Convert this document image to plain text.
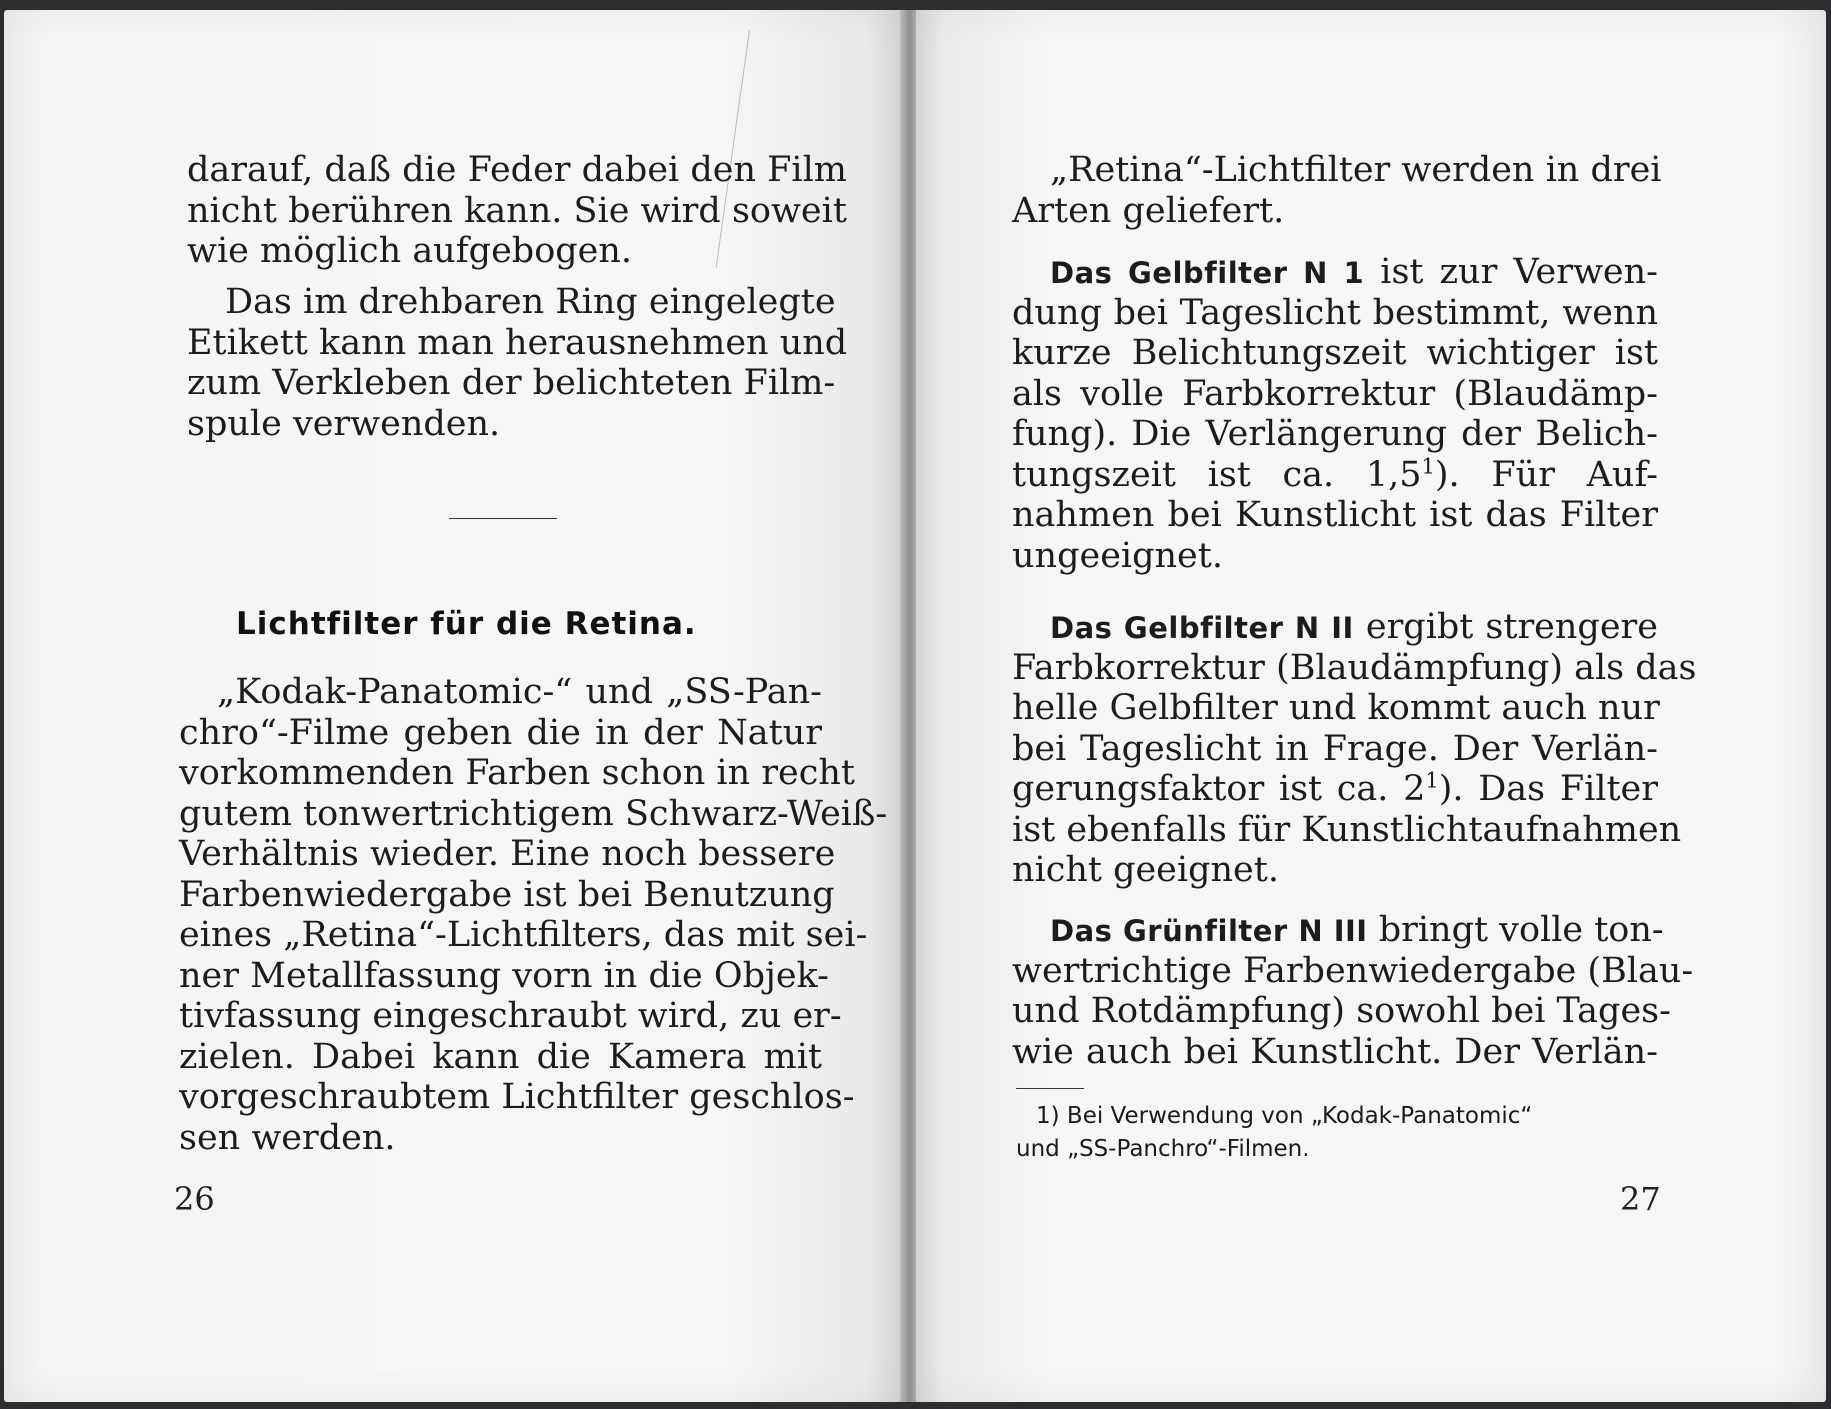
darauf, daß die Feder dabei den Film
nicht berühren kann. Sie wird soweit
wie möglich aufgebogen.
Das im drehbaren Ring eingelegte
Etikett kann man herausnehmen und
zum Verkleben der belichteten Film-
spule verwenden.
Lichtfilter für die Retina.
„Kodak-Panatomic-“ und „SS-Pan-
chro“-Filme geben die in der Natur
vorkommenden Farben schon in recht
gutem tonwertrichtigem Schwarz-Weiß-
Verhältnis wieder. Eine noch bessere
Farbenwiedergabe ist bei Benutzung
eines „Retina“-Lichtfilters, das mit sei-
ner Metallfassung vorn in die Objek-
tivfassung eingeschraubt wird, zu er-
zielen. Dabei kann die Kamera mit
vorgeschraubtem Lichtfilter geschlos-
sen werden.
26
„Retina“-Lichtfilter werden in drei
Arten geliefert.
Das Gelbfilter N 1 ist zur Verwen-
dung bei Tageslicht bestimmt, wenn
kurze Belichtungszeit wichtiger ist
als volle Farbkorrektur (Blaudämp-
fung). Die Verlängerung der Belich-
tungszeit ist ca. $1,5^1$). Für Auf-
nahmen bei Kunstlicht ist das Filter
ungeeignet.
Das Gelbfilter N II ergibt strengere
Farbkorrektur (Blaudämpfung) als das
helle Gelbfilter und kommt auch nur
bei Tageslicht in Frage. Der Verlän-
gerungsfaktor ist ca. $2^1$). Das Filter
ist ebenfalls für Kunstlichtaufnahmen
nicht geeignet.
Das Grünfilter N III bringt volle ton-
wertrichtige Farbenwiedergabe (Blau-
und Rotdämpfung) sowohl bei Tages-
wie auch bei Kunstlicht. Der Verlän-
1) Bei Verwendung von „Kodak-Panatomic“
und „SS-Panchro“-Filmen.
27
